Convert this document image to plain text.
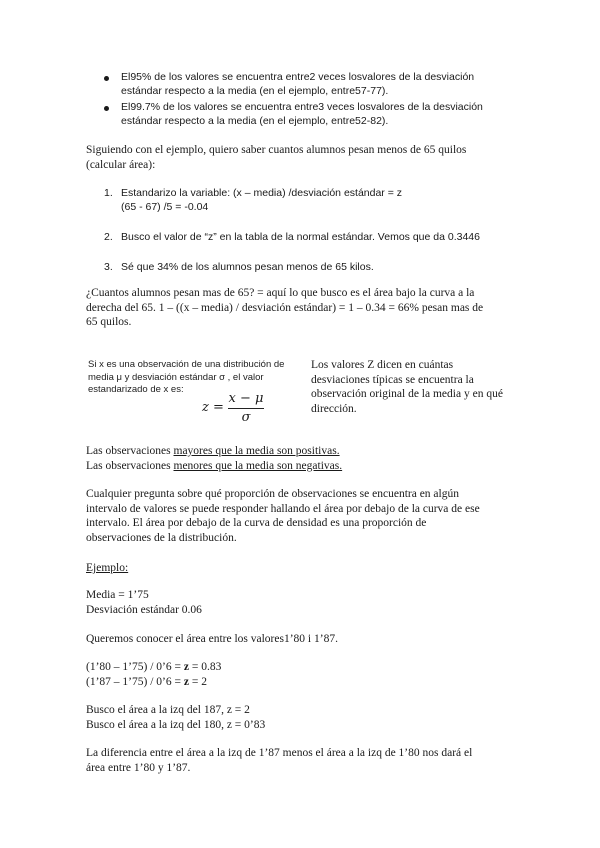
El95% de los valores se encuentra entre2 veces losvalores de la desviación
estándar respecto a la media (en el ejemplo, entre57-77).
El99.7% de los valores se encuentra entre3 veces losvalores de la desviación
estándar respecto a la media (en el ejemplo, entre52-82).
Siguiendo con el ejemplo, quiero saber cuantos alumnos pesan menos de 65 quilos
(calcular área):
1. Estandarizo la variable: (x – media) /desviación estándar = z
(65 - 67) /5 = -0.04
2. Busco el valor de “z” en la tabla de la normal estándar. Vemos que da 0.3446
3. Sé que 34% de los alumnos pesan menos de 65 kilos.
¿Cuantos alumnos pesan mas de 65? = aquí lo que busco es el área bajo la curva a la
derecha del 65. 1 – ((x – media) / desviación estándar) = 1 – 0.34 = 66% pesan mas de
65 quilos.
Si x es una observación de una distribución de
media μ y desviación estándar σ , el valor
estandarizado de x es:
z =
x − μ
σ
Los valores Z dicen en cuántas
desviaciones típicas se encuentra la
observación original de la media y en qué
dirección.
Las observaciones mayores que la media son positivas.
Las observaciones menores que la media son negativas.
Cualquier pregunta sobre qué proporción de observaciones se encuentra en algún
intervalo de valores se puede responder hallando el área por debajo de la curva de ese
intervalo. El área por debajo de la curva de densidad es una proporción de
observaciones de la distribución.
Ejemplo:
Media = 1’75
Desviación estándar 0.06
Queremos conocer el área entre los valores1’80 i 1’87.
(1’80 – 1’75) / 0’6 = z = 0.83
(1’87 – 1’75) / 0’6 = z = 2
Busco el área a la izq del 187, z = 2
Busco el área a la izq del 180, z = 0’83
La diferencia entre el área a la izq de 1’87 menos el área a la izq de 1’80 nos dará el
área entre 1’80 y 1’87.
